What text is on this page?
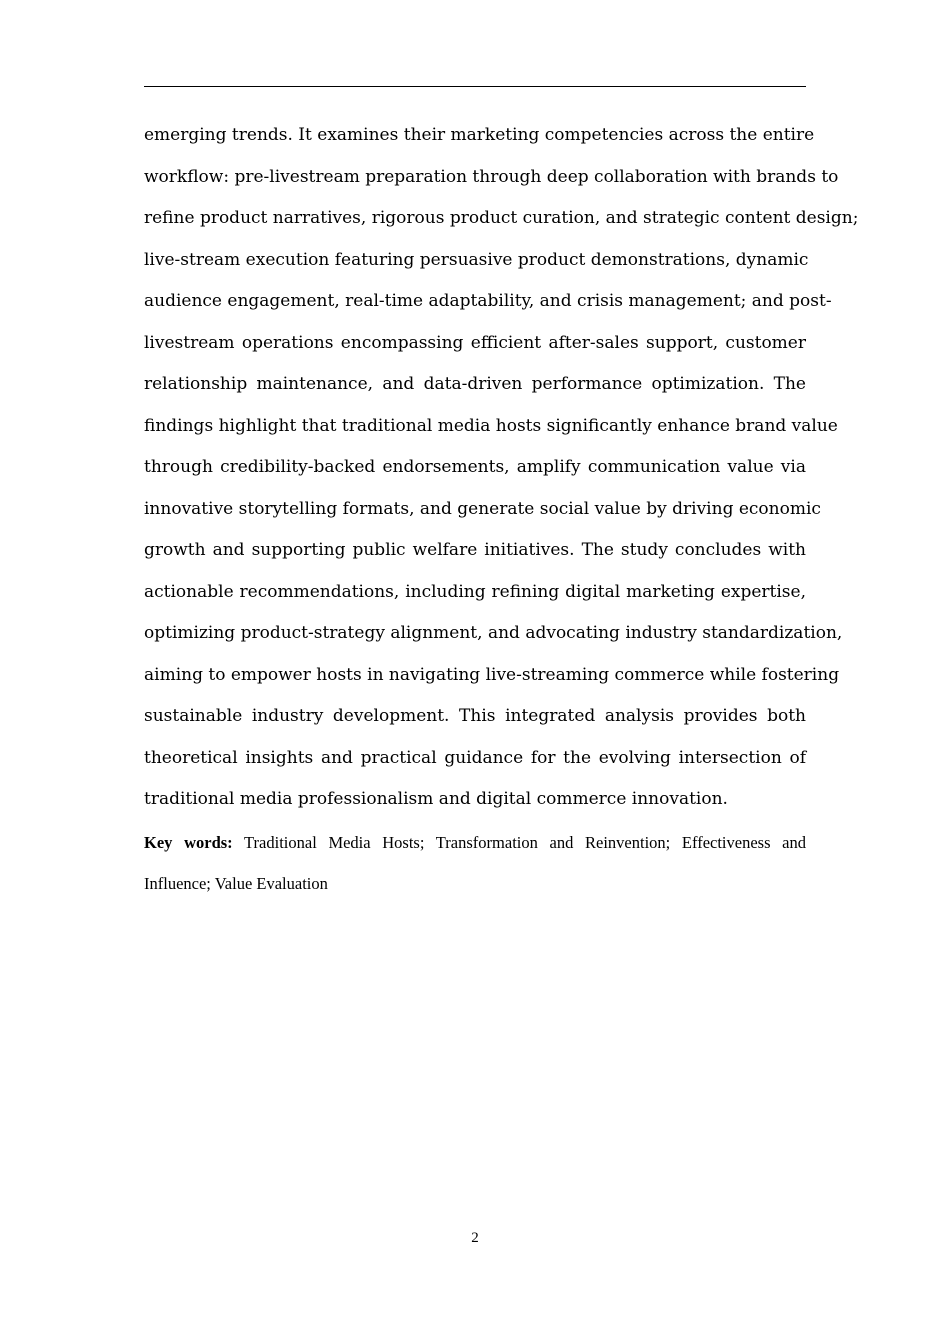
emerging trends. It examines their marketing competencies across the entire
workflow: pre-livestream preparation through deep collaboration with brands to
refine product narratives, rigorous product curation, and strategic content design;
live-stream execution featuring persuasive product demonstrations, dynamic
audience engagement, real-time adaptability, and crisis management; and post-
livestream operations encompassing efficient after-sales support, customer
relationship maintenance, and data-driven performance optimization. The
findings highlight that traditional media hosts significantly enhance brand value
through credibility-backed endorsements, amplify communication value via
innovative storytelling formats, and generate social value by driving economic
growth and supporting public welfare initiatives. The study concludes with
actionable recommendations, including refining digital marketing expertise,
optimizing product-strategy alignment, and advocating industry standardization,
aiming to empower hosts in navigating live-streaming commerce while fostering
sustainable industry development. This integrated analysis provides both
theoretical insights and practical guidance for the evolving intersection of
traditional media professionalism and digital commerce innovation.
Key words: Traditional Media Hosts; Transformation and Reinvention; Effectiveness and
Influence; Value Evaluation
2
